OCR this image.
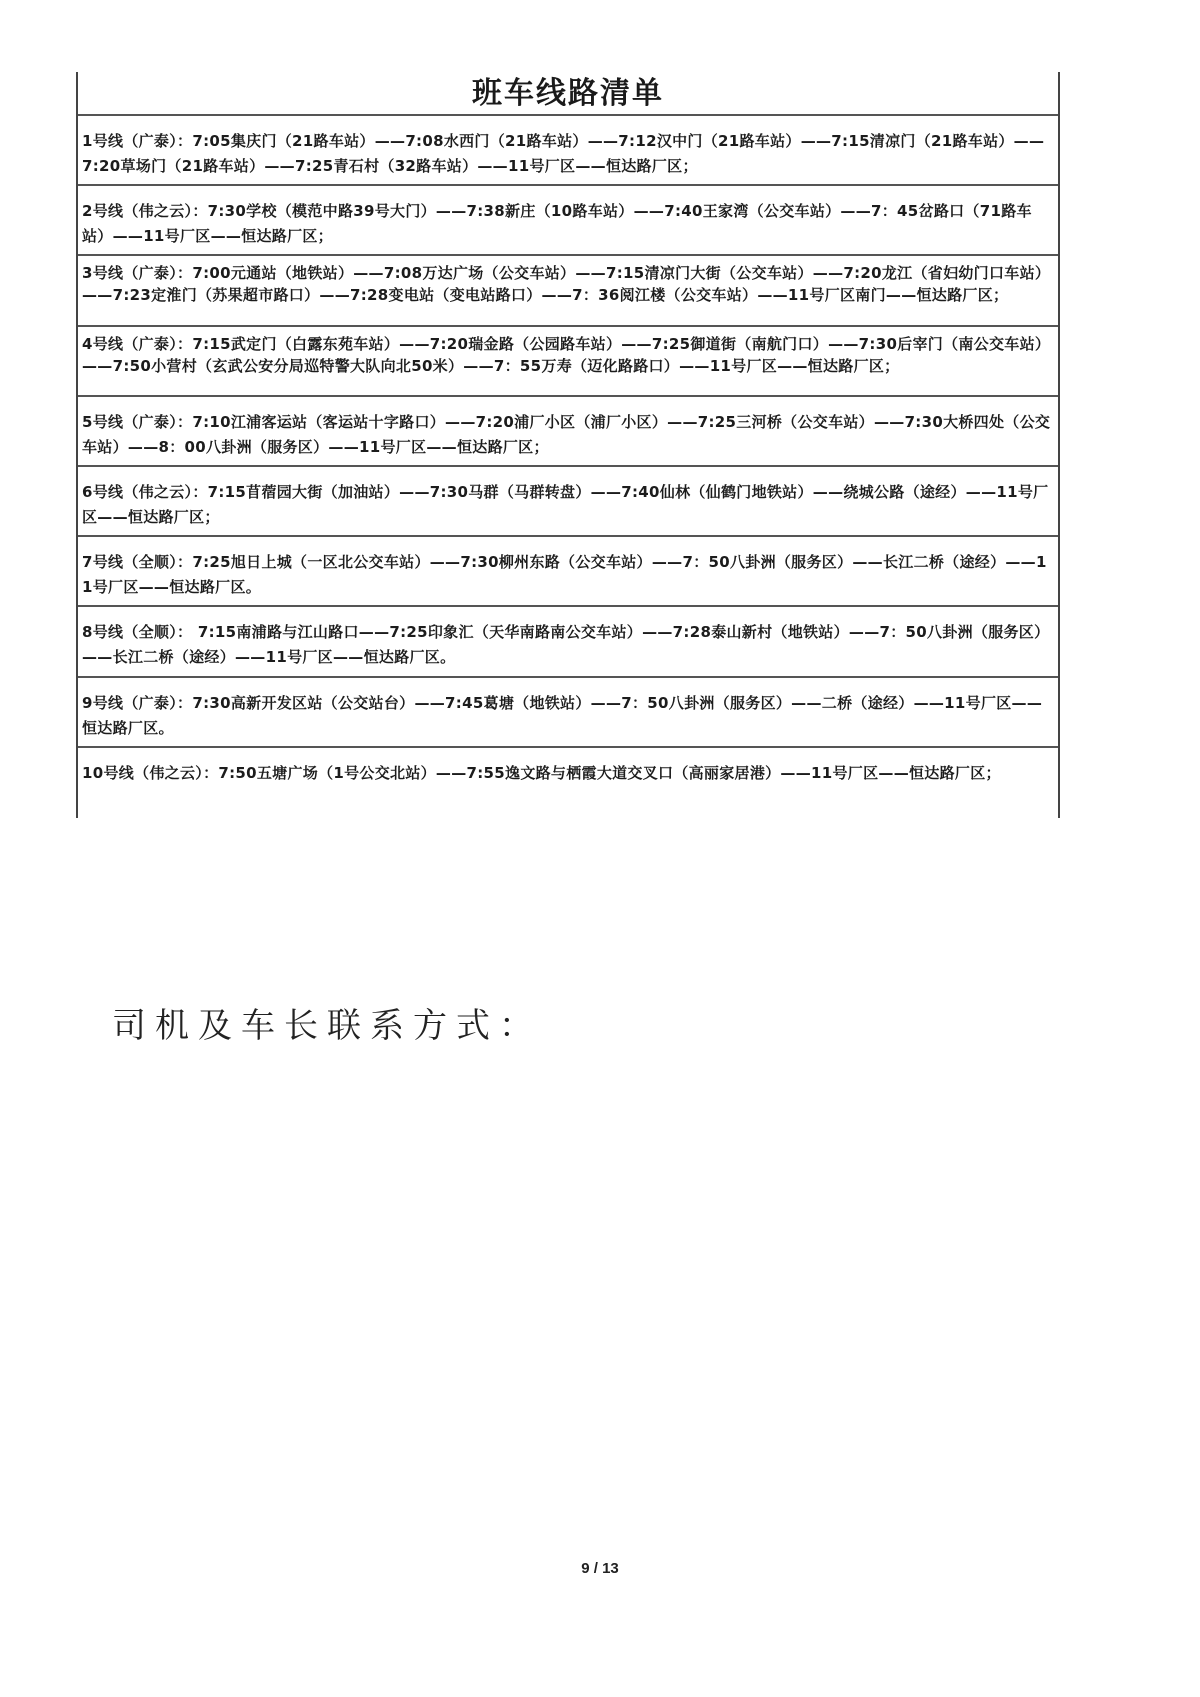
班车线路清单
1号线（广泰）：7:05集庆门（21路车站）——7:08水西门（21路车站）——7:12汉中门（21路车站）——7:15清凉门（21路车站）——7:20草场门（21路车站）——7:25青石村（32路车站）——11号厂区——恒达路厂区；
2号线（伟之云）：7:30学校（模范中路39号大门）——7:38新庄（10路车站）——7:40王家湾（公交车站）——7：45岔路口（71路车站）——11号厂区——恒达路厂区；
3号线（广泰）：7:00元通站（地铁站）——7:08万达广场（公交车站）——7:15清凉门大街（公交车站）——7:20龙江（省妇幼门口车站）——7:23定淮门（苏果超市路口）——7:28变电站（变电站路口）——7：36阅江楼（公交车站）——11号厂区南门——恒达路厂区；
4号线（广泰）：7:15武定门（白露东苑车站）——7:20瑞金路（公园路车站）——7:25御道街（南航门口）——7:30后宰门（南公交车站）——7:50小营村（玄武公安分局巡特警大队向北50米）——7：55万寿（迈化路路口）——11号厂区——恒达路厂区；
5号线（广泰）：7:10江浦客运站（客运站十字路口）——7:20浦厂小区（浦厂小区）——7:25三河桥（公交车站）——7:30大桥四处（公交车站）——8：00八卦洲（服务区）——11号厂区——恒达路厂区；
6号线（伟之云）：7:15苜蓿园大街（加油站）——7:30马群（马群转盘）——7:40仙林（仙鹤门地铁站）——绕城公路（途经）——11号厂区——恒达路厂区；
7号线（全顺）：7:25旭日上城（一区北公交车站）——7:30柳州东路（公交车站）——7：50八卦洲（服务区）——长江二桥（途经）——11号厂区——恒达路厂区。
8号线（全顺）： 7:15南浦路与江山路口——7:25印象汇（天华南路南公交车站）——7:28泰山新村（地铁站）——7：50八卦洲（服务区）——长江二桥（途经）——11号厂区——恒达路厂区。
9号线（广泰）：7:30高新开发区站（公交站台）——7:45葛塘（地铁站）——7：50八卦洲（服务区）——二桥（途经）——11号厂区——恒达路厂区。
10号线（伟之云）：7:50五塘广场（1号公交北站）——7:55逸文路与栖霞大道交叉口（高丽家居港）——11号厂区——恒达路厂区；
司机及车长联系方式：
9 / 13
